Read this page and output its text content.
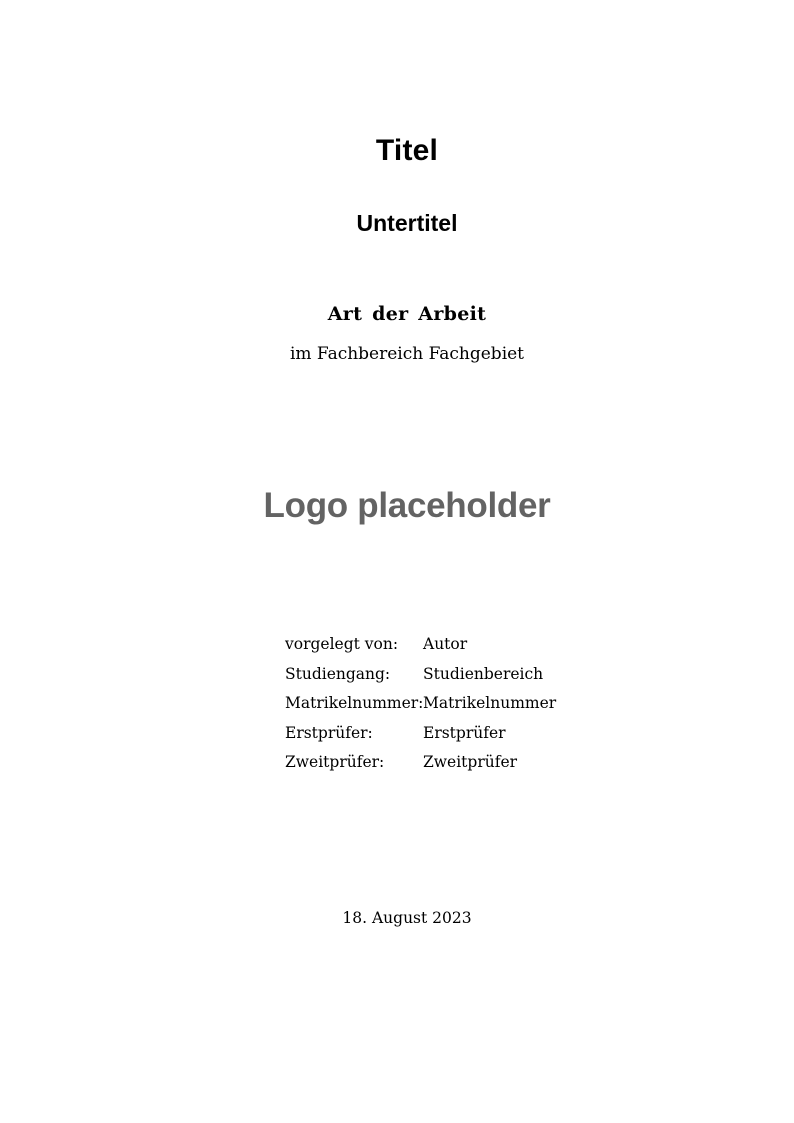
Titel
Untertitel
Art der Arbeit
im Fachbereich Fachgebiet
Logo placeholder
vorgelegt von:	Autor
Studiengang:	Studienbereich
Matrikelnummer: Matrikelnummer
Erstprüfer:	Erstprüfer
Zweitprüfer:	Zweitprüfer
18. August 2023
